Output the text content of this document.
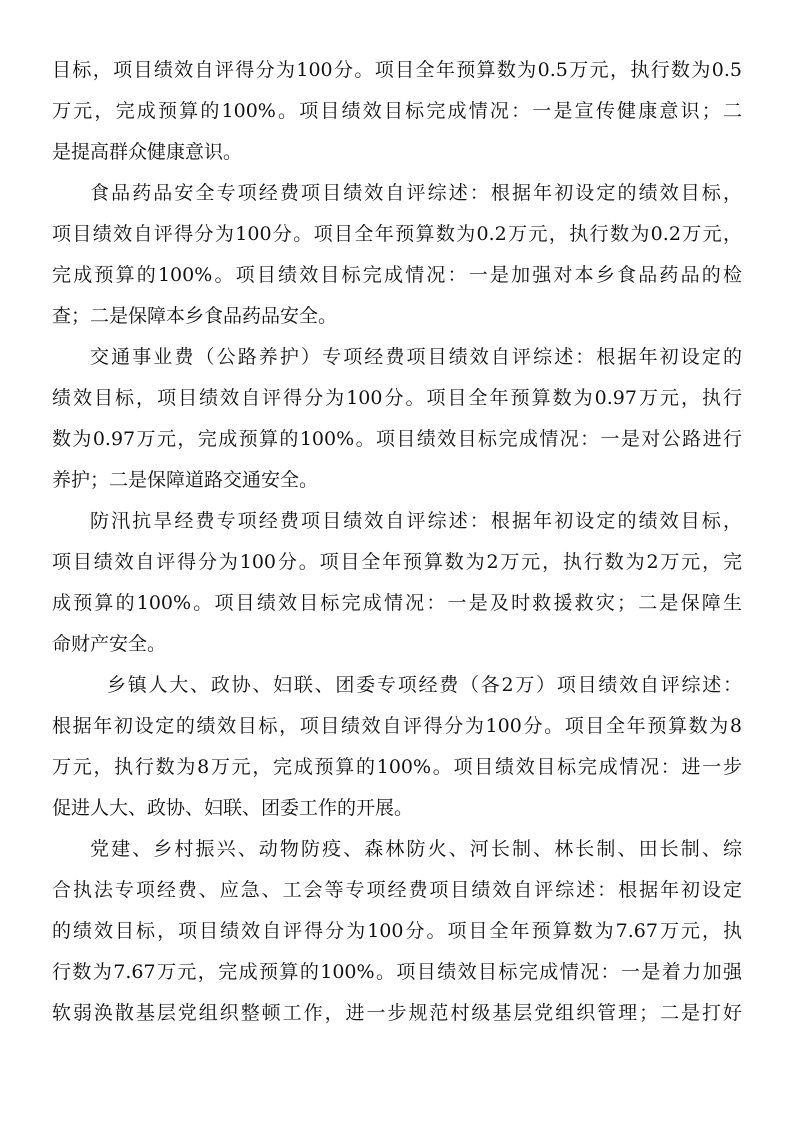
目标，项目绩效自评得分为100分。项目全年预算数为0.5万元，执行数为0.5
万元，完成预算的100%。项目绩效目标完成情况：一是宣传健康意识；二
是提高群众健康意识。
食品药品安全专项经费项目绩效自评综述：根据年初设定的绩效目标，
项目绩效自评得分为100分。项目全年预算数为0.2万元，执行数为0.2万元，
完成预算的100%。项目绩效目标完成情况：一是加强对本乡食品药品的检
查；二是保障本乡食品药品安全。
交通事业费（公路养护）专项经费项目绩效自评综述：根据年初设定的
绩效目标，项目绩效自评得分为100分。项目全年预算数为0.97万元，执行
数为0.97万元，完成预算的100%。项目绩效目标完成情况：一是对公路进行
养护；二是保障道路交通安全。
防汛抗旱经费专项经费项目绩效自评综述：根据年初设定的绩效目标，
项目绩效自评得分为100分。项目全年预算数为2万元，执行数为2万元，完
成预算的100%。项目绩效目标完成情况：一是及时救援救灾；二是保障生
命财产安全。
乡镇人大、政协、妇联、团委专项经费（各2万）项目绩效自评综述：
根据年初设定的绩效目标，项目绩效自评得分为100分。项目全年预算数为8
万元，执行数为8万元，完成预算的100%。项目绩效目标完成情况：进一步
促进人大、政协、妇联、团委工作的开展。
党建、乡村振兴、动物防疫、森林防火、河长制、林长制、田长制、综
合执法专项经费、应急、工会等专项经费项目绩效自评综述：根据年初设定
的绩效目标，项目绩效自评得分为100分。项目全年预算数为7.67万元，执
行数为7.67万元，完成预算的100%。项目绩效目标完成情况：一是着力加强
软弱涣散基层党组织整顿工作，进一步规范村级基层党组织管理；二是打好
